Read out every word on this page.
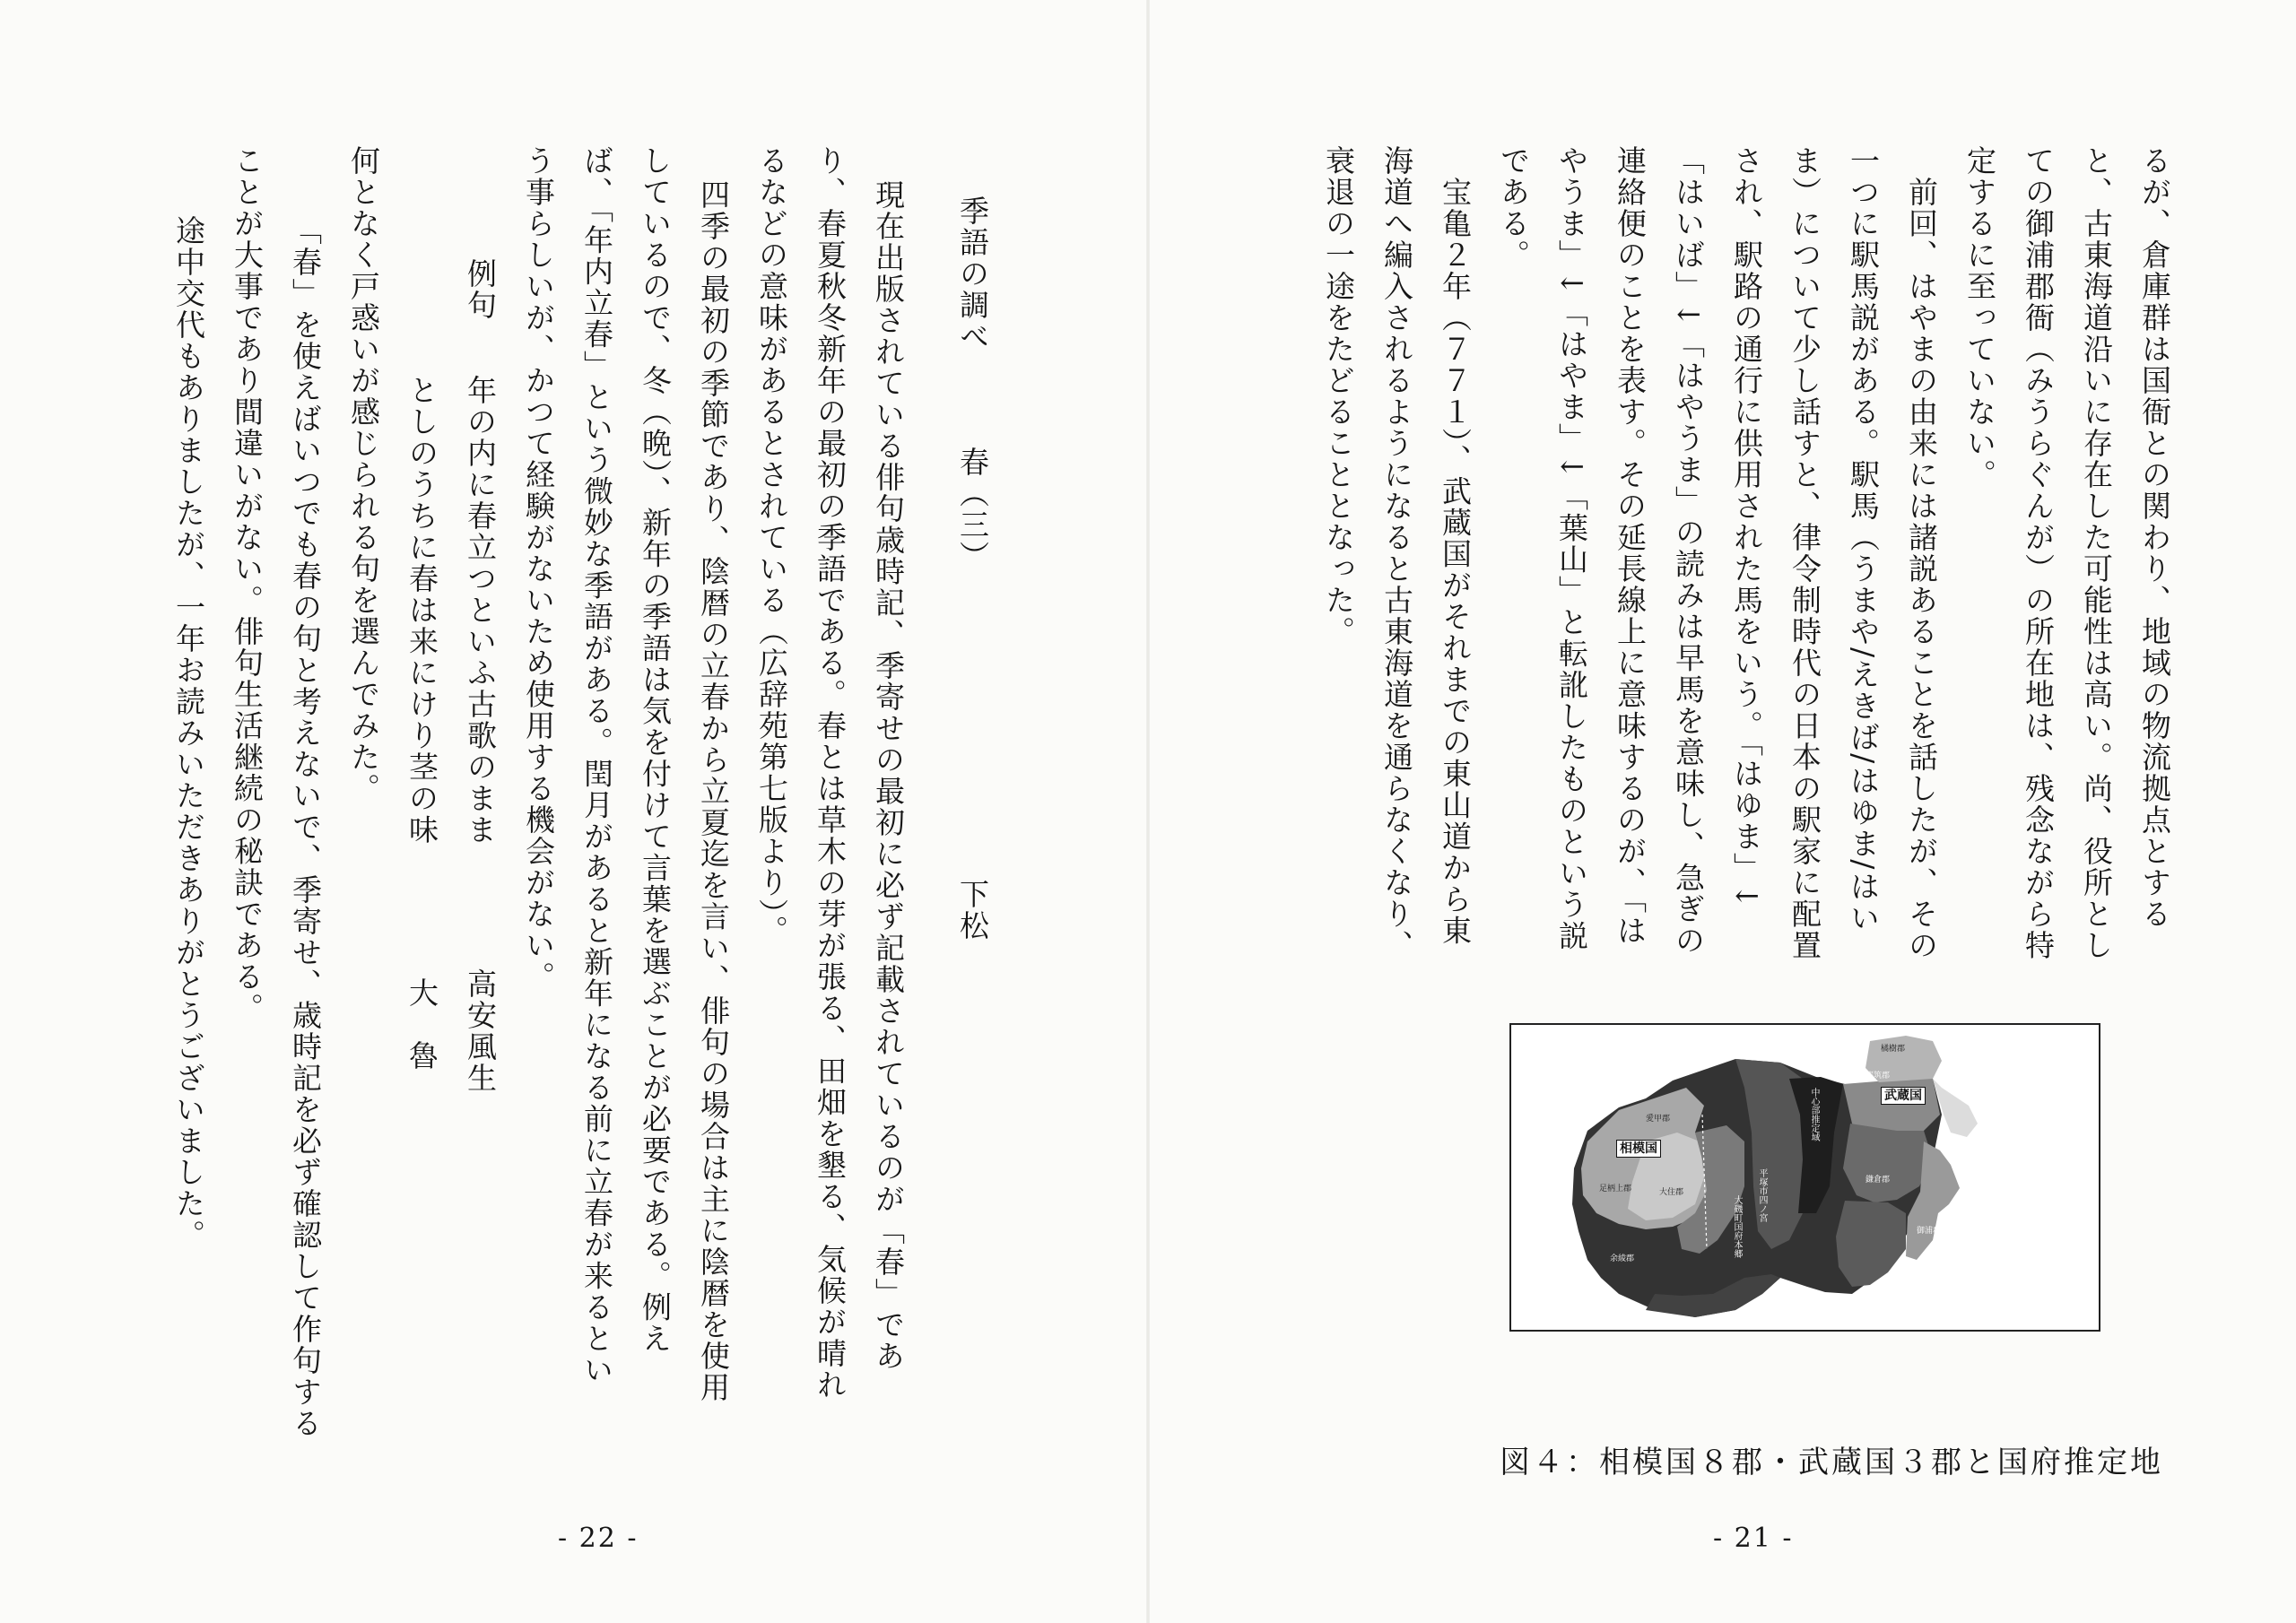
季語の調べ　　　春（三）
下松
現在出版されている俳句歳時記、季寄せの最初に必ず記載されているのが「春」であ
り、春夏秋冬新年の最初の季語である。春とは草木の芽が張る、田畑を墾る、気候が晴れ
るなどの意味があるとされている（広辞苑第七版より）。
四季の最初の季節であり、陰暦の立春から立夏迄を言い、俳句の場合は主に陰暦を使用
しているので、冬（晩）、新年の季語は気を付けて言葉を選ぶことが必要である。例え
ば、「年内立春」という微妙な季語がある。閏月があると新年になる前に立春が来るとい
う事らしいが、かつて経験がないため使用する機会がない。
例句
年の内に春立つといふ古歌のまま
高安風生
としのうちに春は来にけり茎の味
大　魯
何となく戸惑いが感じられる句を選んでみた。
「春」を使えばいつでも春の句と考えないで、季寄せ、歳時記を必ず確認して作句する
ことが大事であり間違いがない。俳句生活継続の秘訣である。
途中交代もありましたが、一年お読みいただきありがとうございました。
- 22 -
るが、倉庫群は国衙との関わり、地域の物流拠点とする
と、古東海道沿いに存在した可能性は高い。尚、役所とし
ての御浦郡衙（みうらぐんが）の所在地は、残念ながら特
定するに至っていない。
　前回、はやまの由来には諸説あることを話したが、その
一つに駅馬説がある。駅馬（うまや/えきば/はゆま/はい
ま）について少し話すと、律令制時代の日本の駅家に配置
され、駅路の通行に供用された馬をいう。「はゆま」↓
「はいば」↓「はやうま」の読みは早馬を意味し、急ぎの
連絡便のことを表す。その延長線上に意味するのが、「は
やうま」↓「はやま」↓「葉山」と転訛したものという説
である。
　宝亀２年（７７１）、武蔵国がそれまでの東山道から東
海道へ編入されるようになると古東海道を通らなくなり、
衰退の一途をたどることとなった。
相模国
武蔵国
橘樹郡
都筑郡
愛甲郡
足柄上郡	大住郡
鎌倉郡
御浦郡
余綾郡
中心部推定域
平塚市四ノ宮
大磯町国府本郷
図４：相模国８郡・武蔵国３郡と国府推定地
- 21 -
